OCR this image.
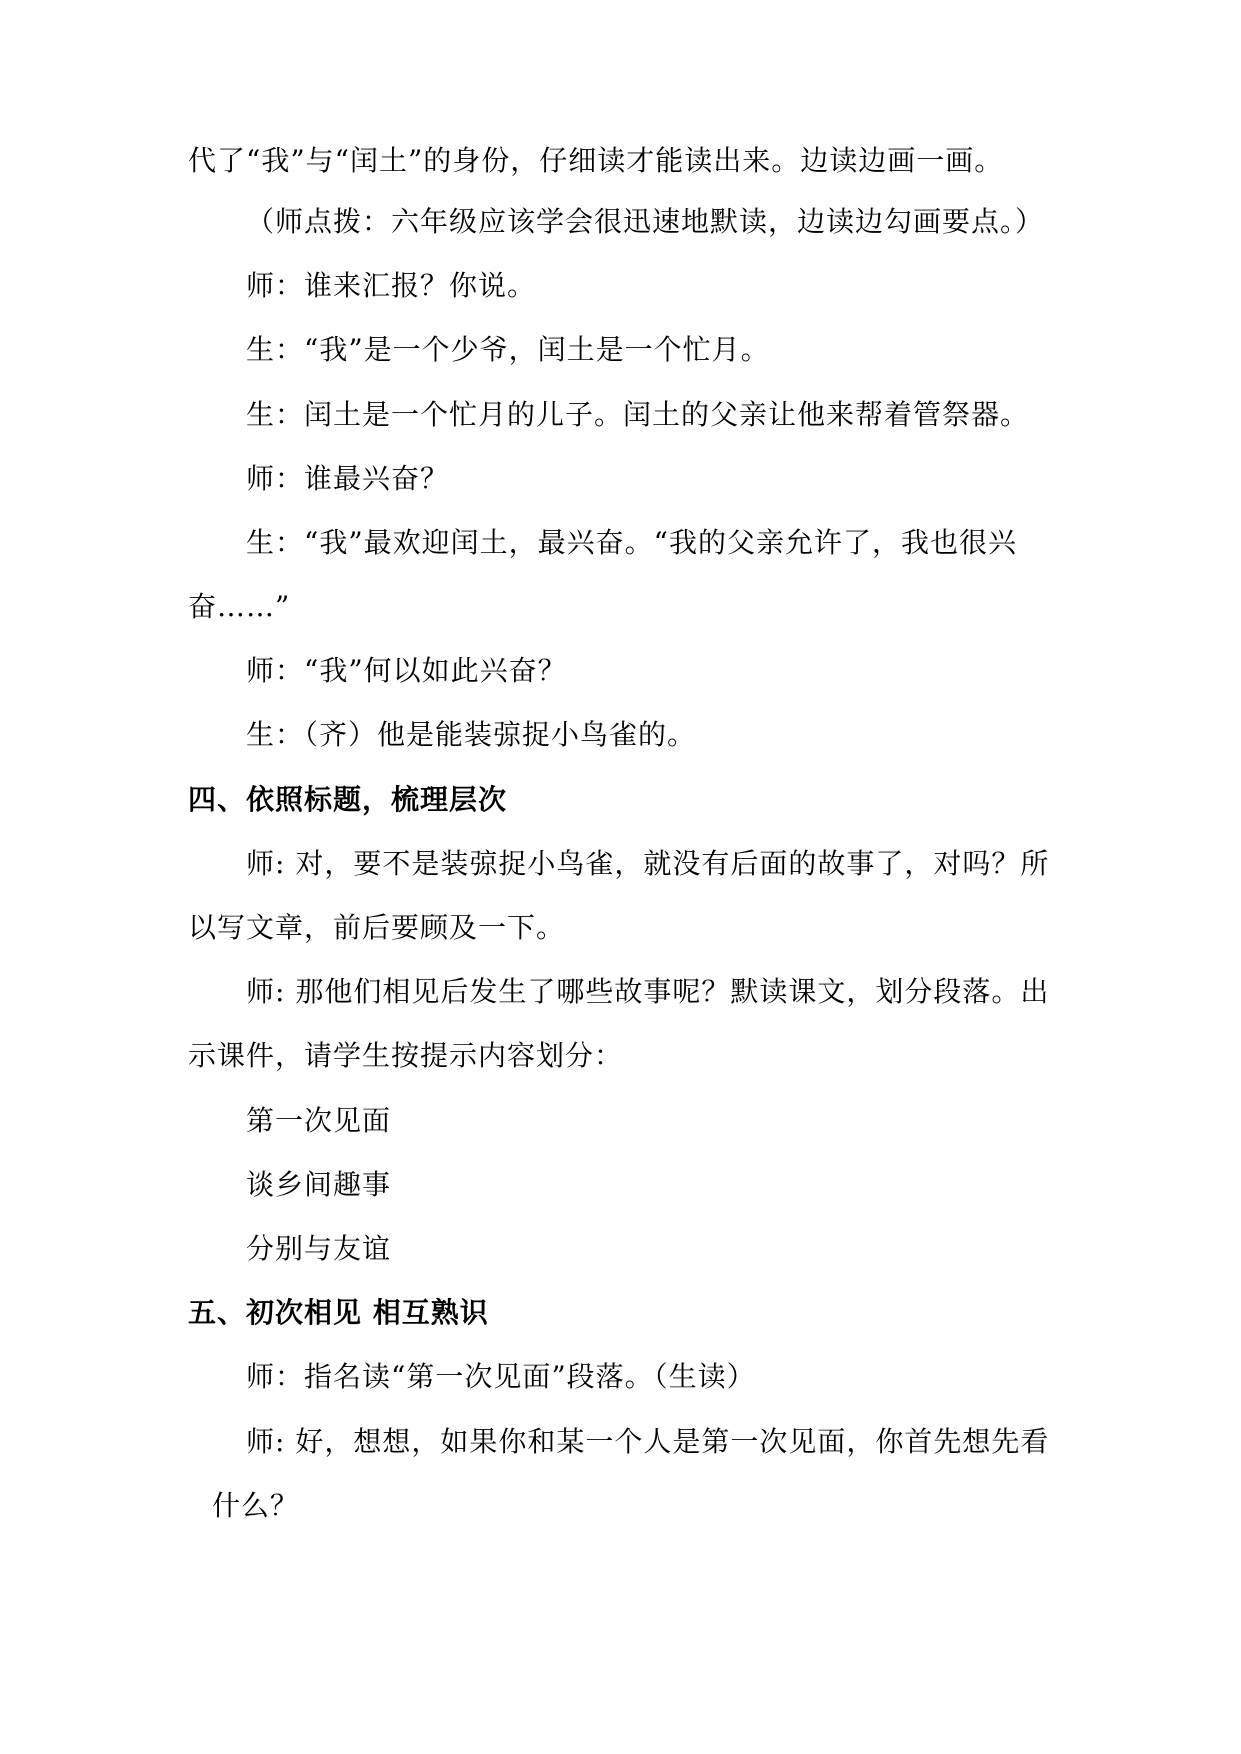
代了“我”与“闰土”的身份，仔细读才能读出来。边读边画一画。
（师点拨：六年级应该学会很迅速地默读，边读边勾画要点。）
师：谁来汇报？你说。
生：“我”是一个少爷，闰土是一个忙月。
生：闰土是一个忙月的儿子。闰土的父亲让他来帮着管祭器。
师：谁最兴奋？
生：“我”最欢迎闰土，最兴奋。“我的父亲允许了，我也很兴
奋……”
师：“我”何以如此兴奋？
生：（齐）他是能装弶捉小鸟雀的。
四、依照标题，梳理层次
师: 对，要不是装弶捉小鸟雀，就没有后面的故事了，对吗？所
以写文章，前后要顾及一下。
师: 那他们相见后发生了哪些故事呢？默读课文，划分段落。出
示课件，请学生按提示内容划分：
第一次见面
谈乡间趣事
分别与友谊
五、初次相见 相互熟识
师：指名读“第一次见面”段落。（生读）
师: 好，想想，如果你和某一个人是第一次见面，你首先想先看
什么？
